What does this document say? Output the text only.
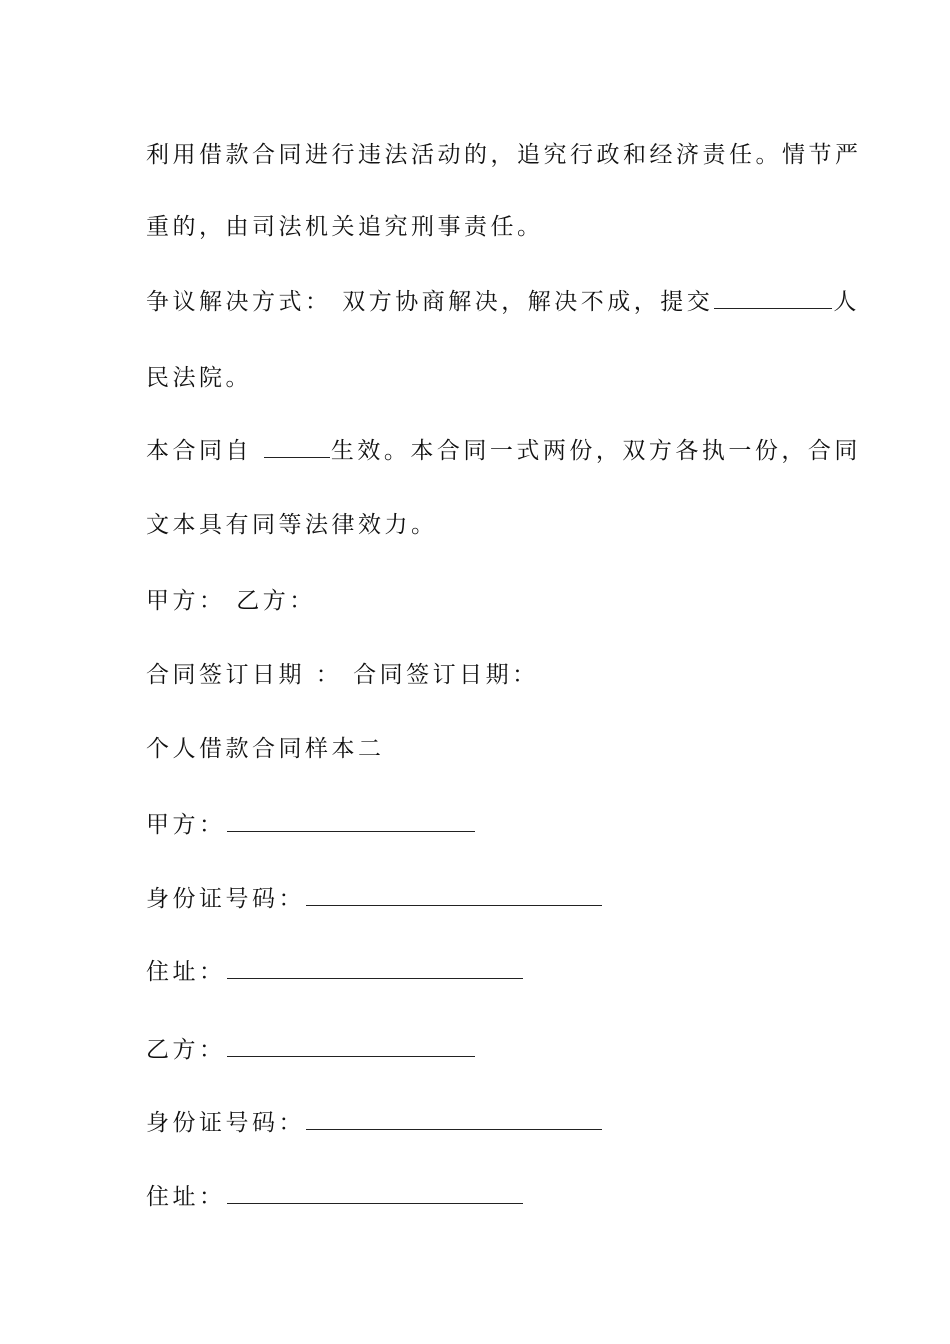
利用借款合同进行违法活动的，追究行政和经济责任。情节严
重的，由司法机关追究刑事责任。
争议解决方式： 双方协商解决，解决不成，提交	人
民法院。
本合同自	生效。本合同一式两份，双方各执一份，合同
文本具有同等法律效力。
甲方： 乙方：
合同签订日期 ： 合同签订日期：
个人借款合同样本二
甲方：
身份证号码：
住址：
乙方：
身份证号码：
住址：
